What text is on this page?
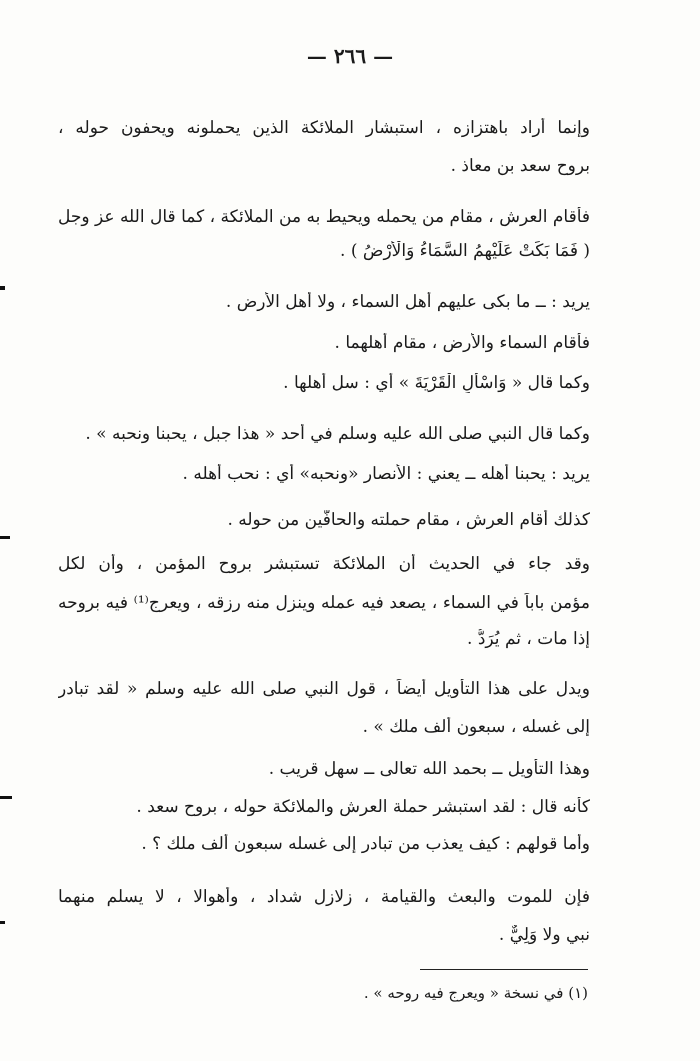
— ٢٦٦ —
وإنما أراد باهتزازه ، استبشار الملائكة الذين يحملونه ويحفون حوله ،
بروح سعد بن معاذ .
فأقام العرش ، مقام من يحمله ويحيط به من الملائكة ، كما قال الله عز وجل
( فَمَا بَكَتْ عَلَيْهِمُ السَّمَاءُ وَالْأَرْضُ ) .
يريد : ــ ما بكى عليهم أهل السماء ، ولا أهل الأرض .
فأقام السماء والأرض ، مقام أهلهما .
وكما قال « وَاسْأَلِ الْقَرْيَةَ » أي : سل أهلها .
وكما قال النبي صلى الله عليه وسلم في أُحد « هذا جبل ، يحبنا ونحبه » .
يريد : يحبنا أهله ــ يعني : الأنصار «ونحبه» أي : نحب أهله .
كذلك أقام العرش ، مقام حملته والحافّين من حوله .
وقد جاء في الحديث أن الملائكة تستبشر بروح المؤمن ، وأن لكل
مؤمن باباً في السماء ، يصعد فيه عمله وينزل منه رزقه ، ويعرج⁽¹⁾ فيه بروحه
إذا مات ، ثم يُرَدُّ .
ويدل على هذا التأويل أيضاً ، قول النبي صلى الله عليه وسلم « لقد تبادر
إلى غسله ، سبعون ألف ملك » .
وهذا التأويل ــ بحمد الله تعالى ــ سهل قريب .
كأنه قال : لقد استبشر حملة العرش والملائكة حوله ، بروح سعد .
وأما قولهم : كيف يعذب من تبادر إلى غسله سبعون ألف ملك ؟ .
فإن للموت والبعث والقيامة ، زلازل شداد ، وأهوالا ، لا يسلم منهما
نبي ولا وَلِيٌّ .
(١) في نسخة « ويعرج فيه روحه » .
